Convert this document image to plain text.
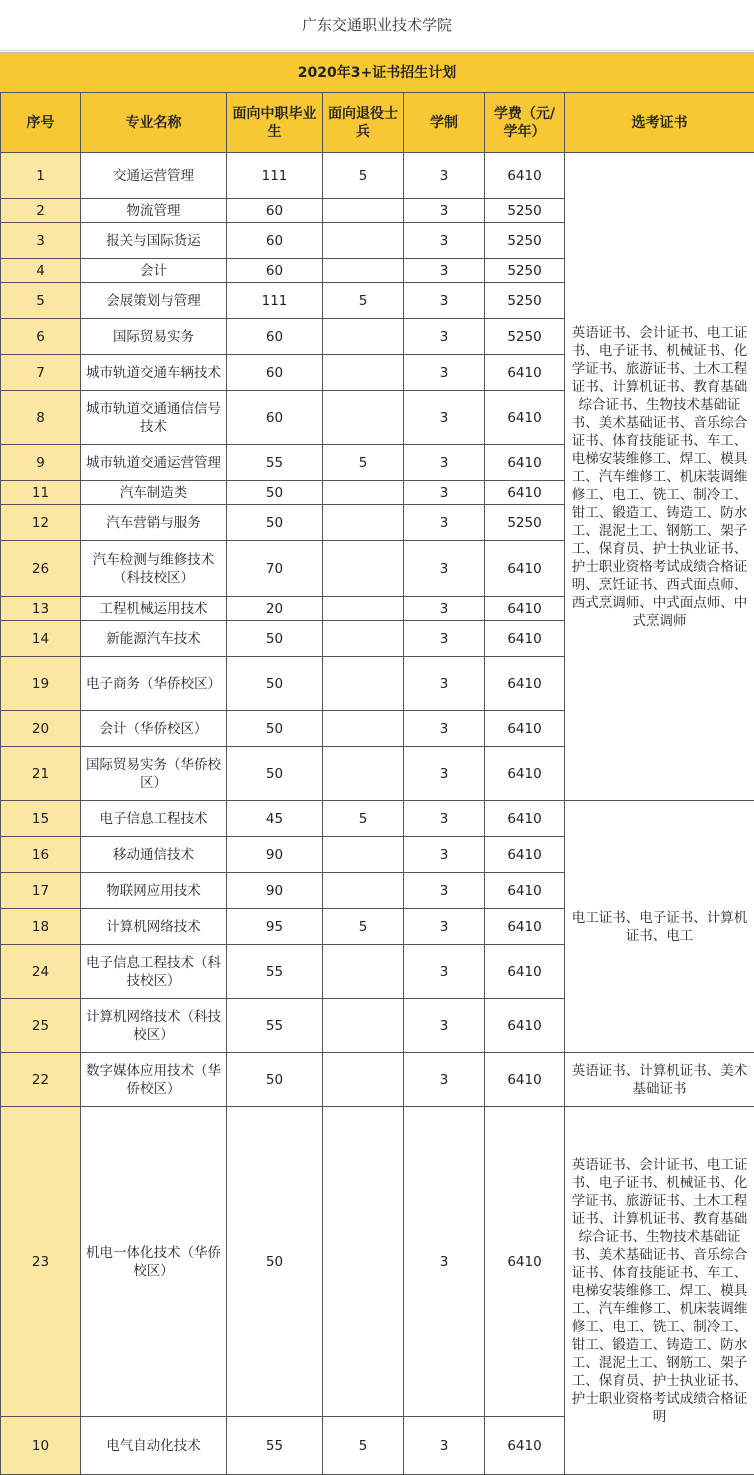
广东交通职业技术学院
2020年3+证书招生计划
序号	专业名称	面向中职毕业生	面向退役士兵	学制	学费（元/学年）	选考证书
1	交通运营管理	111	5	3	6410	英语证书、会计证书、电工证书、电子证书、机械证书、化学证书、旅游证书、土木工程证书、计算机证书、教育基础综合证书、生物技术基础证书、美术基础证书、音乐综合证书、体育技能证书、车工、电梯安装维修工、焊工、模具工、汽车维修工、机床装调维修工、电工、铣工、制冷工、钳工、锻造工、铸造工、防水工、混泥土工、钢筋工、架子工、保育员、护士执业证书、护士职业资格考试成绩合格证明、烹饪证书、西式面点师、西式烹调师、中式面点师、中式烹调师
2	物流管理	60		3	5250	
3	报关与国际货运	60		3	5250	
4	会计	60		3	5250	
5	会展策划与管理	111	5	3	5250	
6	国际贸易实务	60		3	5250	
7	城市轨道交通车辆技术	60		3	6410	
8	城市轨道交通通信信号技术	60		3	6410	
9	城市轨道交通运营管理	55	5	3	6410	
11	汽车制造类	50		3	6410	
12	汽车营销与服务	50		3	5250	
26	汽车检测与维修技术（科技校区）	70		3	6410	
13	工程机械运用技术	20		3	6410	
14	新能源汽车技术	50		3	6410	
19	电子商务（华侨校区）	50		3	6410	
20	会计（华侨校区）	50		3	6410	
21	国际贸易实务（华侨校区）	50		3	6410	
15	电子信息工程技术	45	5	3	6410	电工证书、电子证书、计算机证书、电工
16	移动通信技术	90		3	6410	
17	物联网应用技术	90		3	6410	
18	计算机网络技术	95	5	3	6410	
24	电子信息工程技术（科技校区）	55		3	6410	
25	计算机网络技术（科技校区）	55		3	6410	
22	数字媒体应用技术（华侨校区）	50		3	6410	英语证书、计算机证书、美术基础证书
23	机电一体化技术（华侨校区）	50		3	6410	英语证书、会计证书、电工证书、电子证书、机械证书、化学证书、旅游证书、土木工程证书、计算机证书、教育基础综合证书、生物技术基础证书、美术基础证书、音乐综合证书、体育技能证书、车工、电梯安装维修工、焊工、模具工、汽车维修工、机床装调维修工、电工、铣工、制冷工、钳工、锻造工、铸造工、防水工、混泥土工、钢筋工、架子工、保育员、护士执业证书、护士职业资格考试成绩合格证明
10	电气自动化技术	55	5	3	6410	
